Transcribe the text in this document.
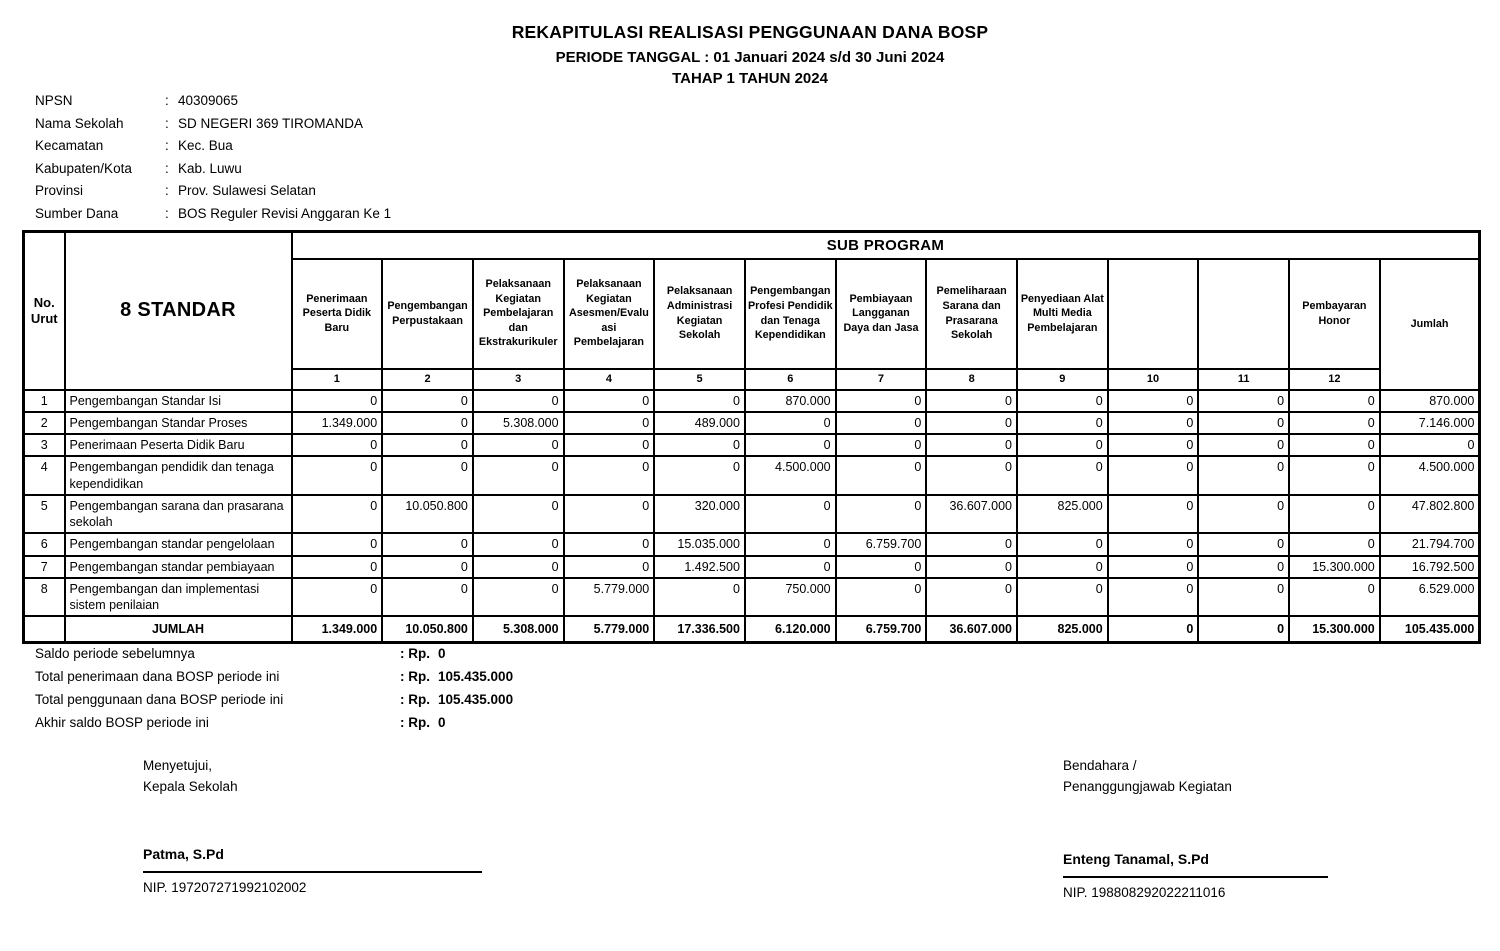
REKAPITULASI REALISASI PENGGUNAAN DANA BOSP
PERIODE TANGGAL : 01 Januari 2024 s/d 30 Juni 2024
TAHAP 1 TAHUN 2024
NPSN	: 40309065
Nama Sekolah	: SD NEGERI 369 TIROMANDA
Kecamatan	: Kec. Bua
Kabupaten/Kota	: Kab. Luwu
Provinsi	: Prov. Sulawesi Selatan
Sumber Dana	: BOS Reguler Revisi Anggaran Ke 1
No. Urut	8 STANDAR	SUB PROGRAM												
		Penerimaan Peserta Didik Baru	Pengembangan Perpustakaan	Pelaksanaan Kegiatan Pembelajaran dan Ekstrakurikuler	Pelaksanaan Kegiatan Asesmen/Evaluasi Pembelajaran	Pelaksanaan Administrasi Kegiatan Sekolah	Pengembangan Profesi Pendidik dan Tenaga Kependidikan	Pembiayaan Langganan Daya dan Jasa	Pemeliharaan Sarana dan Prasarana Sekolah	Penyediaan Alat Multi Media Pembelajaran			Pembayaran Honor	Jumlah
		1	2	3	4	5	6	7	8	9	10	11	12	
1	Pengembangan Standar Isi	0	0	0	0	0	870.000	0	0	0	0	0	0	870.000
2	Pengembangan Standar Proses	1.349.000	0	5.308.000	0	489.000	0	0	0	0	0	0	0	7.146.000
3	Penerimaan Peserta Didik Baru	0	0	0	0	0	0	0	0	0	0	0	0	0
4	Pengembangan pendidik dan tenaga kependidikan	0	0	0	0	0	4.500.000	0	0	0	0	0	0	4.500.000
5	Pengembangan sarana dan prasarana sekolah	0	10.050.800	0	0	320.000	0	0	36.607.000	825.000	0	0	0	47.802.800
6	Pengembangan standar pengelolaan	0	0	0	0	15.035.000	0	6.759.700	0	0	0	0	0	21.794.700
7	Pengembangan standar pembiayaan	0	0	0	0	1.492.500	0	0	0	0	0	0	15.300.000	16.792.500
8	Pengembangan dan implementasi sistem penilaian	0	0	0	5.779.000	0	750.000	0	0	0	0	0	0	6.529.000
	JUMLAH	1.349.000	10.050.800	5.308.000	5.779.000	17.336.500	6.120.000	6.759.700	36.607.000	825.000	0	0	15.300.000	105.435.000
Saldo periode sebelumnya	: Rp. 0
Total penerimaan dana BOSP periode ini	: Rp. 105.435.000
Total penggunaan dana BOSP periode ini	: Rp. 105.435.000
Akhir saldo BOSP periode ini	: Rp. 0
Menyetujui,
Kepala Sekolah
Patma, S.Pd
NIP. 197207271992102002
Bendahara /
Penanggungjawab Kegiatan
Enteng Tanamal, S.Pd
NIP. 198808292022211016
